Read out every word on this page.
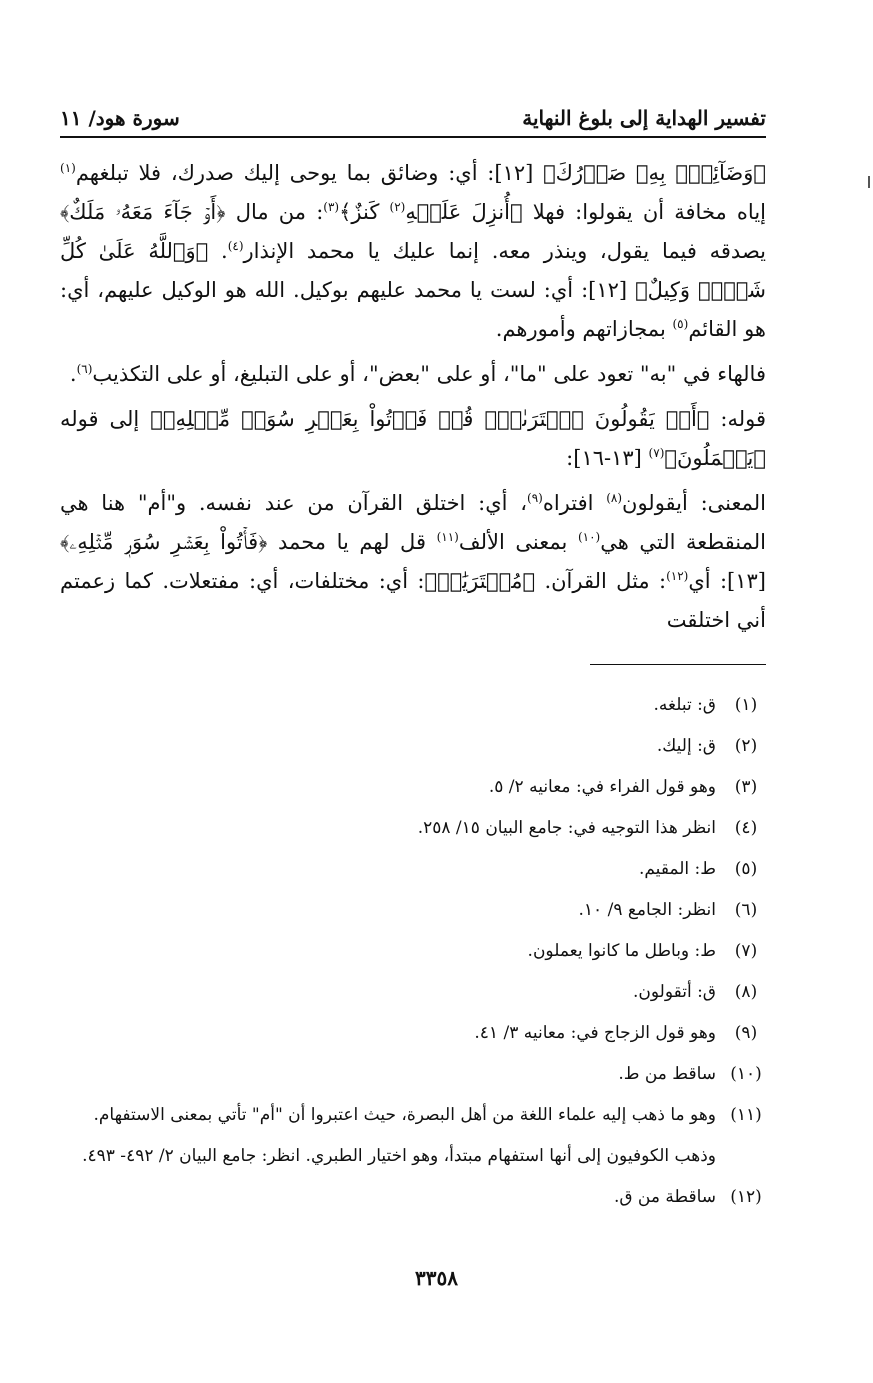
تفسير الهداية إلى بلوغ النهاية
سورة هود/ ١١

﴿وَضَآئِقُۢ بِهِۦ صَدۡرُكَ﴾ [١٢]: أي: وضائق بما يوحى إليك صدرك، فلا تبلغهم$^{(١)}$ إياه مخافة أن يقولوا: فهلا ﴿أُنزِلَ عَلَيۡهِ$^{(٢)}$ كَنزٌ﴾$^{(٣)}$: من مال ﴿أَوۡ جَآءَ مَعَهُۥ مَلَكٌ﴾ يصدقه فيما يقول، وينذر معه. إنما عليك يا محمد الإنذار$^{(٤)}$. ﴿وَٱللَّهُ عَلَىٰ كُلِّ شَيۡءٖ وَكِيلٌ﴾ [١٢]: أي: لست يا محمد عليهم بوكيل. الله هو الوكيل عليهم، أي: هو القائم$^{(٥)}$ بمجازاتهم وأمورهم.

فالهاء في "به" تعود على "ما"، أو على "بعض"، أو على التبليغ، أو على التكذيب$^{(٦)}$.

قوله: ﴿أَمۡ يَقُولُونَ ٱفۡتَرَىٰهُۖ قُلۡ فَأۡتُواْ بِعَشۡرِ سُوَرٖ مِّثۡلِهِۦ﴾ إلى قوله ﴿يَعۡمَلُونَ﴾$^{(٧)}$ [١٣-١٦]:

المعنى: أيقولون$^{(٨)}$ افتراه$^{(٩)}$، أي: اختلق القرآن من عند نفسه. و"أم" هنا هي المنقطعة التي هي$^{(١٠)}$ بمعنى الألف$^{(١١)}$ قل لهم يا محمد ﴿فَأۡتُواْ بِعَشۡرِ سُوَرٖ مِّثۡلِهِۦ﴾ [١٣]: أي$^{(١٢)}$: مثل القرآن. ﴿مُفۡتَرَيَٰتٖ﴾: أي: مختلفات، أي: مفتعلات. كما زعمتم أني اختلقت

(١)
ق: تبلغه.
(٢)
ق: إليك.
(٣)
وهو قول الفراء في: معانيه ٢/ ٥.
(٤)
انظر هذا التوجيه في: جامع البيان ١٥/ ٢٥٨.
(٥)
ط: المقيم.
(٦)
انظر: الجامع ٩/ ١٠.
(٧)
ط: وباطل ما كانوا يعملون.
(٨)
ق: أتقولون.
(٩)
وهو قول الزجاج في: معانيه ٣/ ٤١.
(١٠)
ساقط من ط.
(١١)
وهو ما ذهب إليه علماء اللغة من أهل البصرة، حيث اعتبروا أن "أم" تأتي بمعنى الاستفهام. وذهب الكوفيون إلى أنها استفهام مبتدأ، وهو اختيار الطبري. انظر: جامع البيان ٢/ ٤٩٢- ٤٩٣.
(١٢)
ساقطة من ق.
٣٣٥٨
